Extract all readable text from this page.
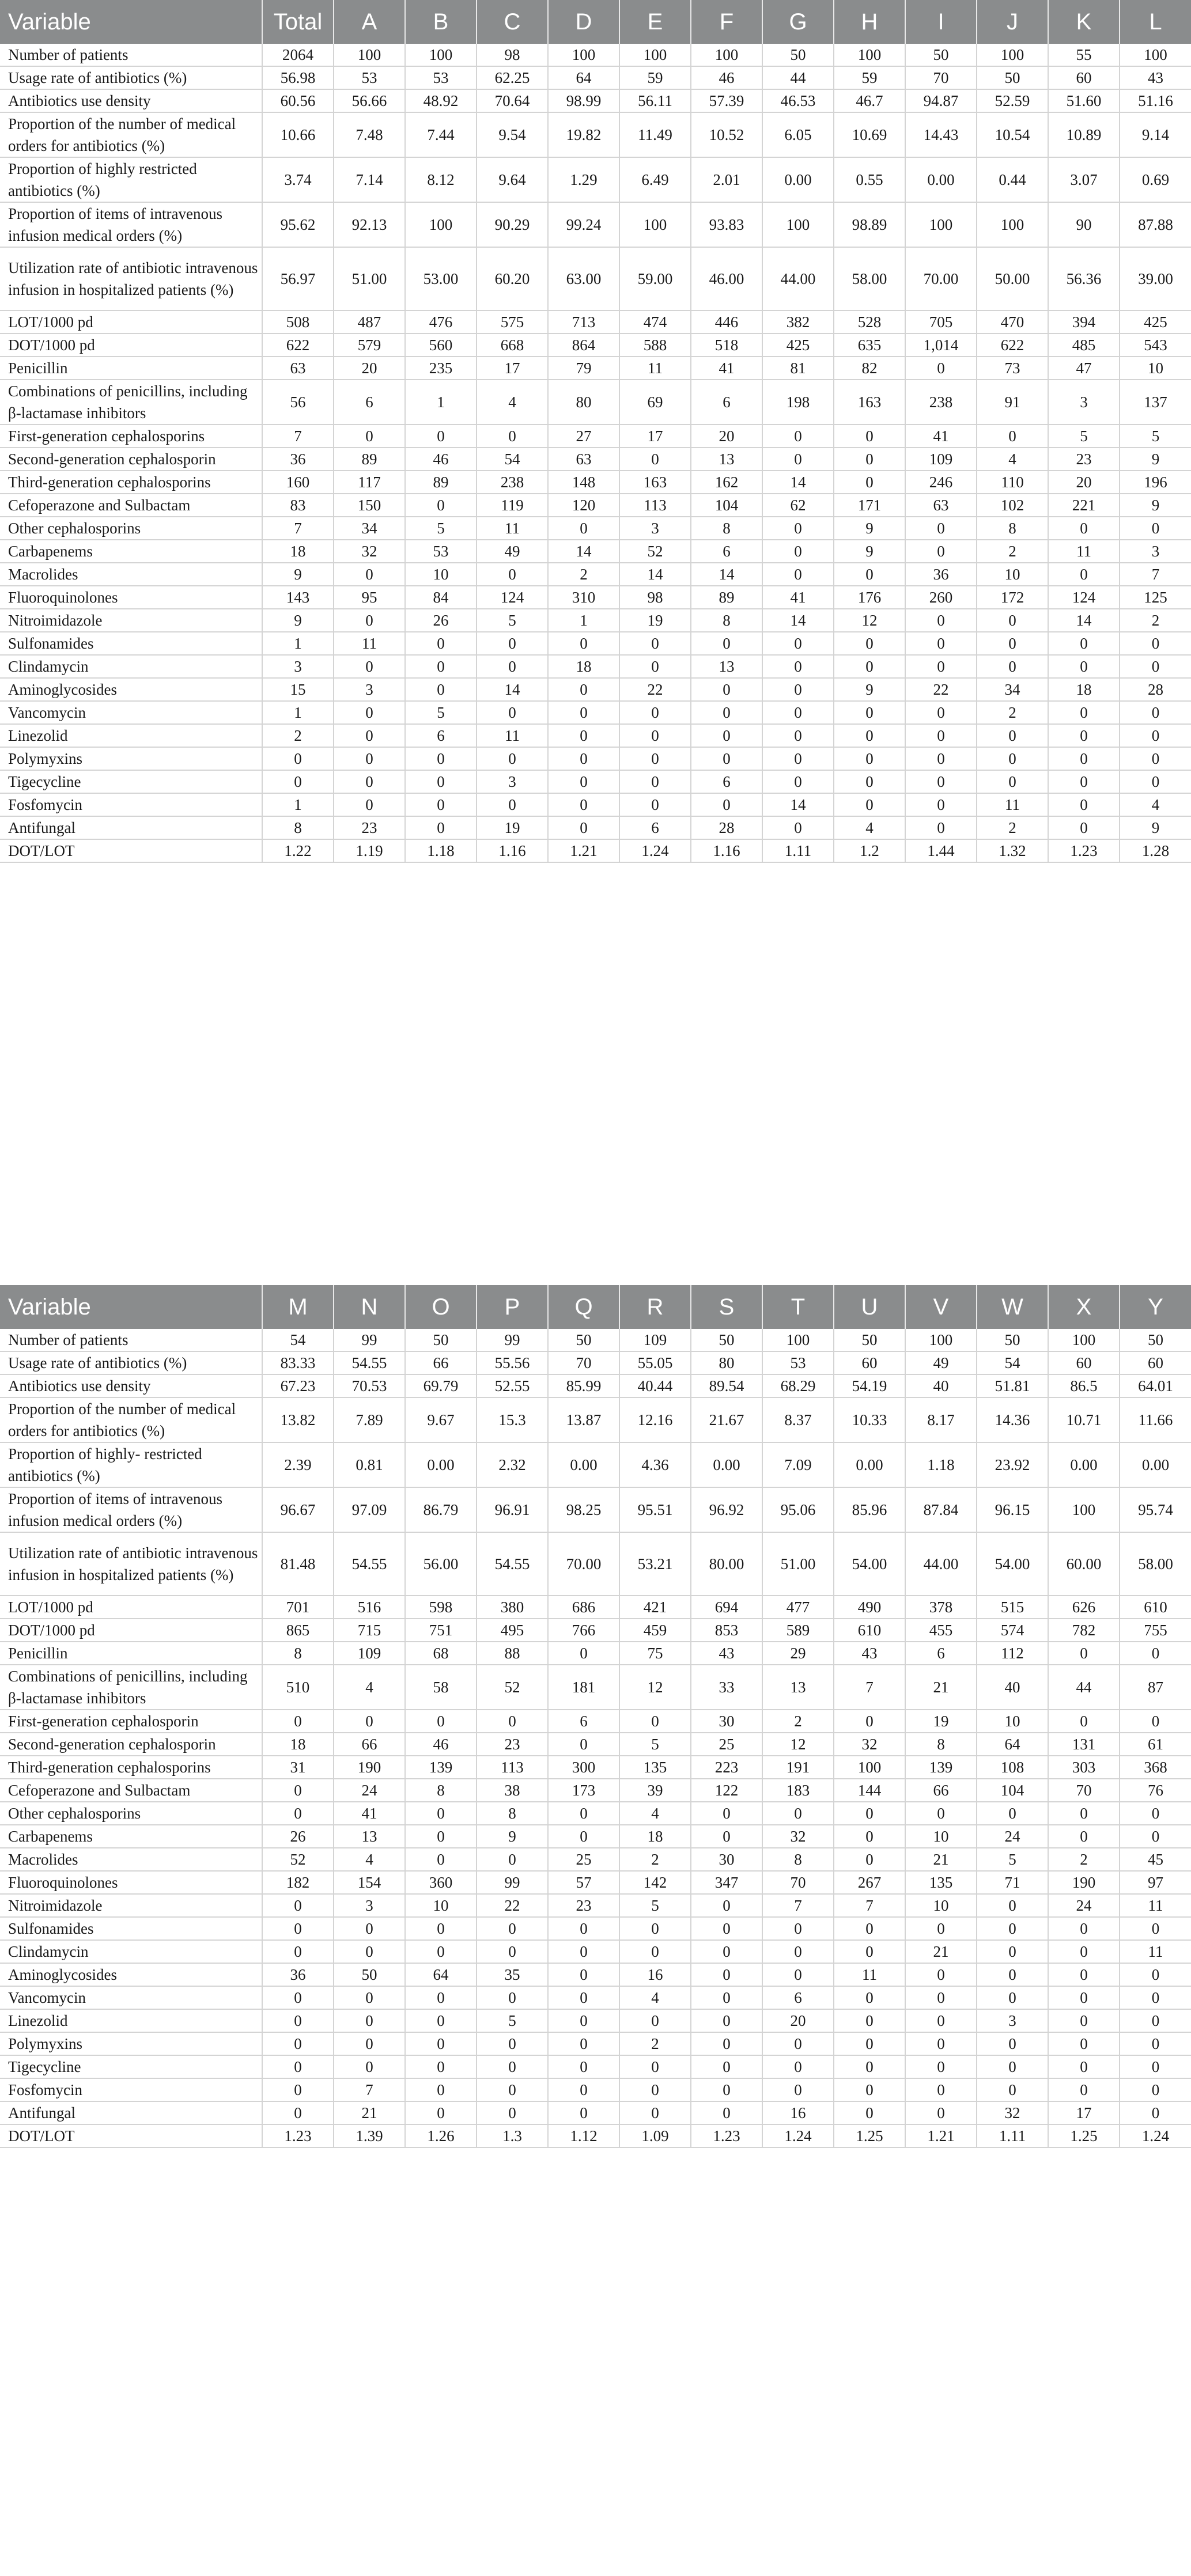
Variable	Total	A	B	C	D	E	F	G	H	I	J	K	L
Number of patients	2064	100	100	98	100	100	100	50	100	50	100	55	100
Usage rate of antibiotics (%)	56.98	53	53	62.25	64	59	46	44	59	70	50	60	43
Antibiotics use density	60.56	56.66	48.92	70.64	98.99	56.11	57.39	46.53	46.7	94.87	52.59	51.60	51.16
Proportion of the number of medical orders for antibiotics (%)	10.66	7.48	7.44	9.54	19.82	11.49	10.52	6.05	10.69	14.43	10.54	10.89	9.14
Proportion of highly restricted antibiotics (%)	3.74	7.14	8.12	9.64	1.29	6.49	2.01	0.00	0.55	0.00	0.44	3.07	0.69
Proportion of items of intravenous infusion medical orders (%)	95.62	92.13	100	90.29	99.24	100	93.83	100	98.89	100	100	90	87.88
Utilization rate of antibiotic intravenous infusion in hospitalized patients (%)	56.97	51.00	53.00	60.20	63.00	59.00	46.00	44.00	58.00	70.00	50.00	56.36	39.00
LOT/1000 pd	508	487	476	575	713	474	446	382	528	705	470	394	425
DOT/1000 pd	622	579	560	668	864	588	518	425	635	1,014	622	485	543
Penicillin	63	20	235	17	79	11	41	81	82	0	73	47	10
Combinations of penicillins, including β-lactamase inhibitors	56	6	1	4	80	69	6	198	163	238	91	3	137
First-generation cephalosporins	7	0	0	0	27	17	20	0	0	41	0	5	5
Second-generation cephalosporin	36	89	46	54	63	0	13	0	0	109	4	23	9
Third-generation cephalosporins	160	117	89	238	148	163	162	14	0	246	110	20	196
Cefoperazone and Sulbactam	83	150	0	119	120	113	104	62	171	63	102	221	9
Other cephalosporins	7	34	5	11	0	3	8	0	9	0	8	0	0
Carbapenems	18	32	53	49	14	52	6	0	9	0	2	11	3
Macrolides	9	0	10	0	2	14	14	0	0	36	10	0	7
Fluoroquinolones	143	95	84	124	310	98	89	41	176	260	172	124	125
Nitroimidazole	9	0	26	5	1	19	8	14	12	0	0	14	2
Sulfonamides	1	11	0	0	0	0	0	0	0	0	0	0	0
Clindamycin	3	0	0	0	18	0	13	0	0	0	0	0	0
Aminoglycosides	15	3	0	14	0	22	0	0	9	22	34	18	28
Vancomycin	1	0	5	0	0	0	0	0	0	0	2	0	0
Linezolid	2	0	6	11	0	0	0	0	0	0	0	0	0
Polymyxins	0	0	0	0	0	0	0	0	0	0	0	0	0
Tigecycline	0	0	0	3	0	0	6	0	0	0	0	0	0
Fosfomycin	1	0	0	0	0	0	0	14	0	0	11	0	4
Antifungal	8	23	0	19	0	6	28	0	4	0	2	0	9
DOT/LOT	1.22	1.19	1.18	1.16	1.21	1.24	1.16	1.11	1.2	1.44	1.32	1.23	1.28
Variable	M	N	O	P	Q	R	S	T	U	V	W	X	Y
Number of patients	54	99	50	99	50	109	50	100	50	100	50	100	50
Usage rate of antibiotics (%)	83.33	54.55	66	55.56	70	55.05	80	53	60	49	54	60	60
Antibiotics use density	67.23	70.53	69.79	52.55	85.99	40.44	89.54	68.29	54.19	40	51.81	86.5	64.01
Proportion of the number of medical orders for antibiotics (%)	13.82	7.89	9.67	15.3	13.87	12.16	21.67	8.37	10.33	8.17	14.36	10.71	11.66
Proportion of highly- restricted antibiotics (%)	2.39	0.81	0.00	2.32	0.00	4.36	0.00	7.09	0.00	1.18	23.92	0.00	0.00
Proportion of items of intravenous infusion medical orders (%)	96.67	97.09	86.79	96.91	98.25	95.51	96.92	95.06	85.96	87.84	96.15	100	95.74
Utilization rate of antibiotic intravenous infusion in hospitalized patients (%)	81.48	54.55	56.00	54.55	70.00	53.21	80.00	51.00	54.00	44.00	54.00	60.00	58.00
LOT/1000 pd	701	516	598	380	686	421	694	477	490	378	515	626	610
DOT/1000 pd	865	715	751	495	766	459	853	589	610	455	574	782	755
Penicillin	8	109	68	88	0	75	43	29	43	6	112	0	0
Combinations of penicillins, including β-lactamase inhibitors	510	4	58	52	181	12	33	13	7	21	40	44	87
First-generation cephalosporin	0	0	0	0	6	0	30	2	0	19	10	0	0
Second-generation cephalosporin	18	66	46	23	0	5	25	12	32	8	64	131	61
Third-generation cephalosporins	31	190	139	113	300	135	223	191	100	139	108	303	368
Cefoperazone and Sulbactam	0	24	8	38	173	39	122	183	144	66	104	70	76
Other cephalosporins	0	41	0	8	0	4	0	0	0	0	0	0	0
Carbapenems	26	13	0	9	0	18	0	32	0	10	24	0	0
Macrolides	52	4	0	0	25	2	30	8	0	21	5	2	45
Fluoroquinolones	182	154	360	99	57	142	347	70	267	135	71	190	97
Nitroimidazole	0	3	10	22	23	5	0	7	7	10	0	24	11
Sulfonamides	0	0	0	0	0	0	0	0	0	0	0	0	0
Clindamycin	0	0	0	0	0	0	0	0	0	21	0	0	11
Aminoglycosides	36	50	64	35	0	16	0	0	11	0	0	0	0
Vancomycin	0	0	0	0	0	4	0	6	0	0	0	0	0
Linezolid	0	0	0	5	0	0	0	20	0	0	3	0	0
Polymyxins	0	0	0	0	0	2	0	0	0	0	0	0	0
Tigecycline	0	0	0	0	0	0	0	0	0	0	0	0	0
Fosfomycin	0	7	0	0	0	0	0	0	0	0	0	0	0
Antifungal	0	21	0	0	0	0	0	16	0	0	32	17	0
DOT/LOT	1.23	1.39	1.26	1.3	1.12	1.09	1.23	1.24	1.25	1.21	1.11	1.25	1.24
